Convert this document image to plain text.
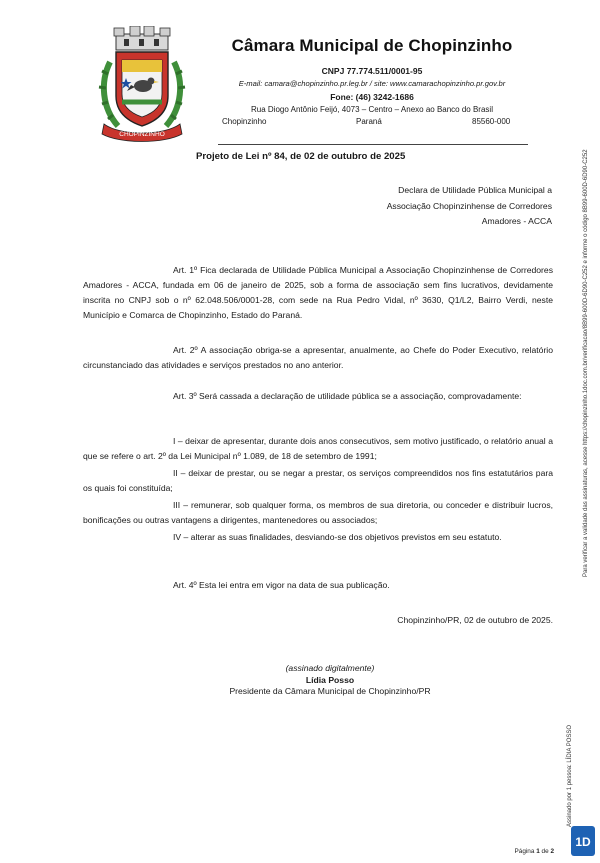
CHOPINZINHO
Câmara Municipal de Chopinzinho
CNPJ 77.774.511/0001-95
E-mail: camara@chopinzinho.pr.leg.br / site: www.camarachopinzinho.pr.gov.br
Fone: (46) 3242-1686
Rua Diogo Antônio Feijó, 4073 – Centro – Anexo ao Banco do Brasil
Chopinzinho	Paraná	85560-000
Projeto de Lei nº 84, de 02 de outubro de 2025
Declara de Utilidade Pública Municipal a
Associação Chopinzinhense de Corredores
Amadores - ACCA
Art. 1º Fica declarada de Utilidade Pública Municipal a Associação Chopinzinhense de Corredores Amadores - ACCA, fundada em 06 de janeiro de 2025, sob a forma de associação sem fins lucrativos, devidamente inscrita no CNPJ sob o nº 62.048.506/0001-28, com sede na Rua Pedro Vidal, nº 3630, Q1/L2, Bairro Verdi, neste Município e Comarca de Chopinzinho, Estado do Paraná.
Art. 2º A associação obriga-se a apresentar, anualmente, ao Chefe do Poder Executivo, relatório circunstanciado das atividades e serviços prestados no ano anterior.
Art. 3º Será cassada a declaração de utilidade pública se a associação, comprovadamente:
I – deixar de apresentar, durante dois anos consecutivos, sem motivo justificado, o relatório anual a que se refere o art. 2º da Lei Municipal nº 1.089, de 18 de setembro de 1991;
II – deixar de prestar, ou se negar a prestar, os serviços compreendidos nos fins estatutários para os quais foi constituída;
III – remunerar, sob qualquer forma, os membros de sua diretoria, ou conceder e distribuir lucros, bonificações ou outras vantagens a dirigentes, mantenedores ou associados;
IV – alterar as suas finalidades, desviando-se dos objetivos previstos em seu estatuto.
Art. 4º Esta lei entra em vigor na data de sua publicação.
Chopinzinho/PR, 02 de outubro de 2025.
(assinado digitalmente)
Lídia Posso
Presidente da Câmara Municipal de Chopinzinho/PR
Assinado por 1 pessoa: LÍDIA POSSO
Para verificar a validade das assinaturas, acesse https://chopinzinho.1doc.com.br/verificacao/8B99-600D-6D90-C252 e informe o código 8B99-600D-6D90-C252
Página 1 de 2
1D
